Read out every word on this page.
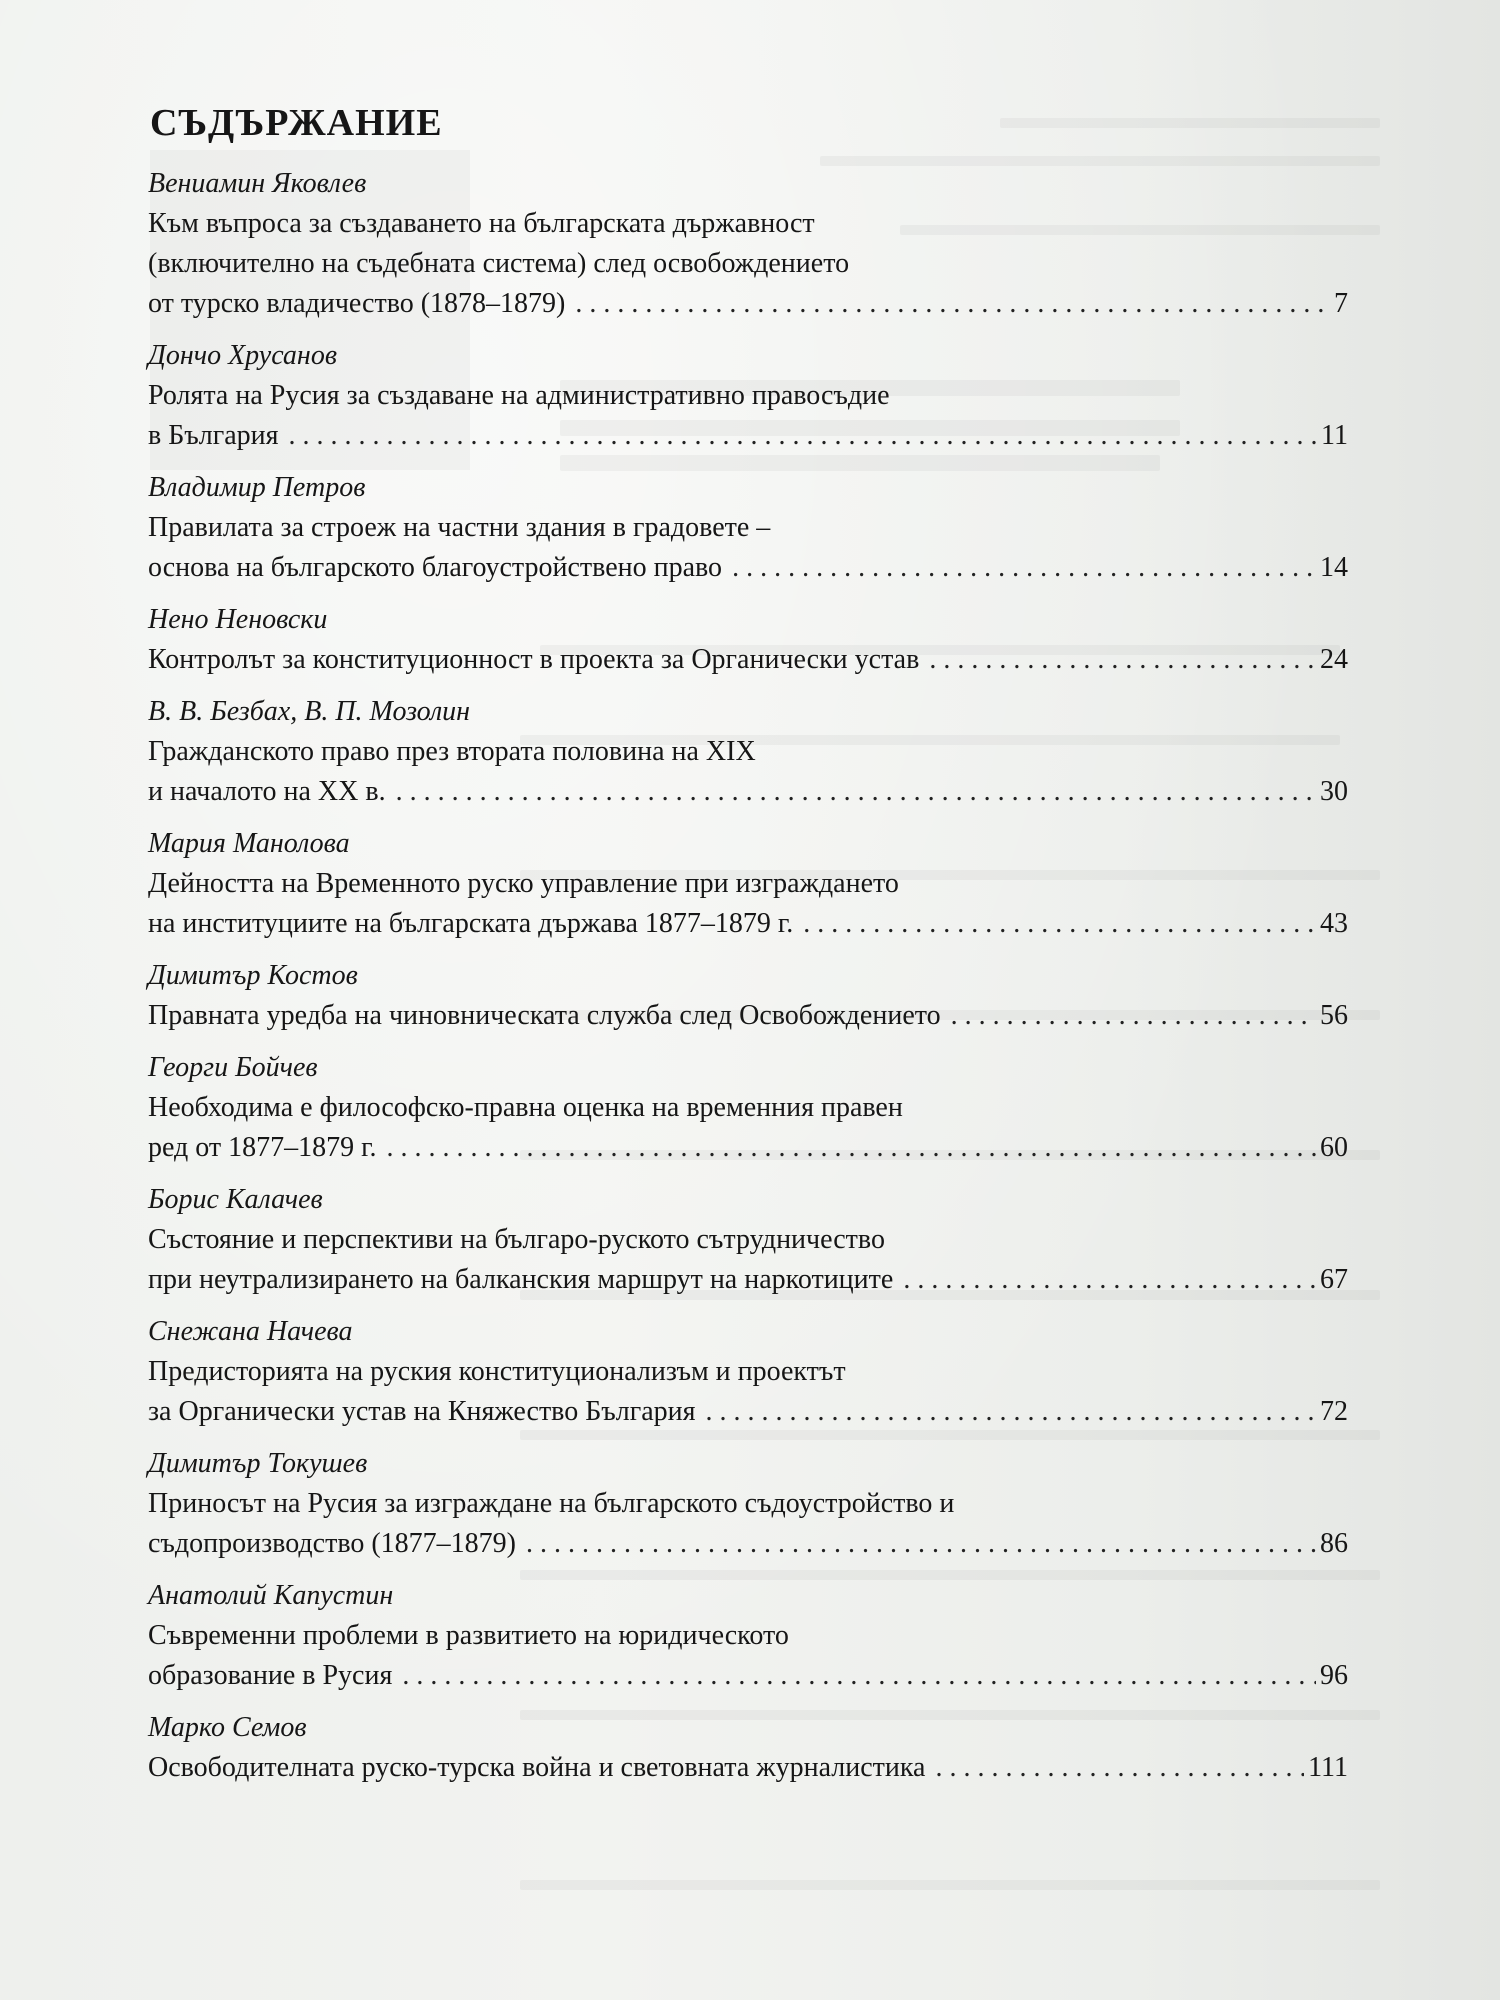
СЪДЪРЖАНИЕ

Вениамин Яковлев

Към въпроса за създаването на българската държавност

(включително на съдебната система) след освобождението

от турско владичество (1878–1879) . . .	7

Дончо Хрусанов

Ролята на Русия за създаване на административно правосъдие

в България . . .	11

Владимир Петров

Правилата за строеж на частни здания в градовете –

основа на българското благоустройствено право . . .	14

Нено Неновски

Контролът за конституционност в проекта за Органически устав . . .	24

В. В. Безбах, В. П. Мозолин

Гражданското право през втората половина на XIX

и началото на XX в. . . .	30

Мария Манолова

Дейността на Временното руско управление при изграждането

на институциите на българската държава 1877–1879 г. . . .	43

Димитър Костов

Правната уредба на чиновническата служба след Освобождението . . .	56

Георги Бойчев

Необходима е философско-правна оценка на временния правен

ред от 1877–1879 г. . . .	60

Борис Калачев

Състояние и перспективи на българо-руското сътрудничество

при неутрализирането на балканския маршрут на наркотиците . . .	67

Снежана Начева

Предисторията на руския конституционализъм и проектът

за Органически устав на Княжество България . . .	72

Димитър Токушев

Приносът на Русия за изграждане на българското съдоустройство и

съдопроизводство (1877–1879) . . .	86

Анатолий Капустин

Съвременни проблеми в развитието на юридическото

образование в Русия . . .	96

Марко Семов

Освободителната руско-турска война и световната журналистика . . .	111
